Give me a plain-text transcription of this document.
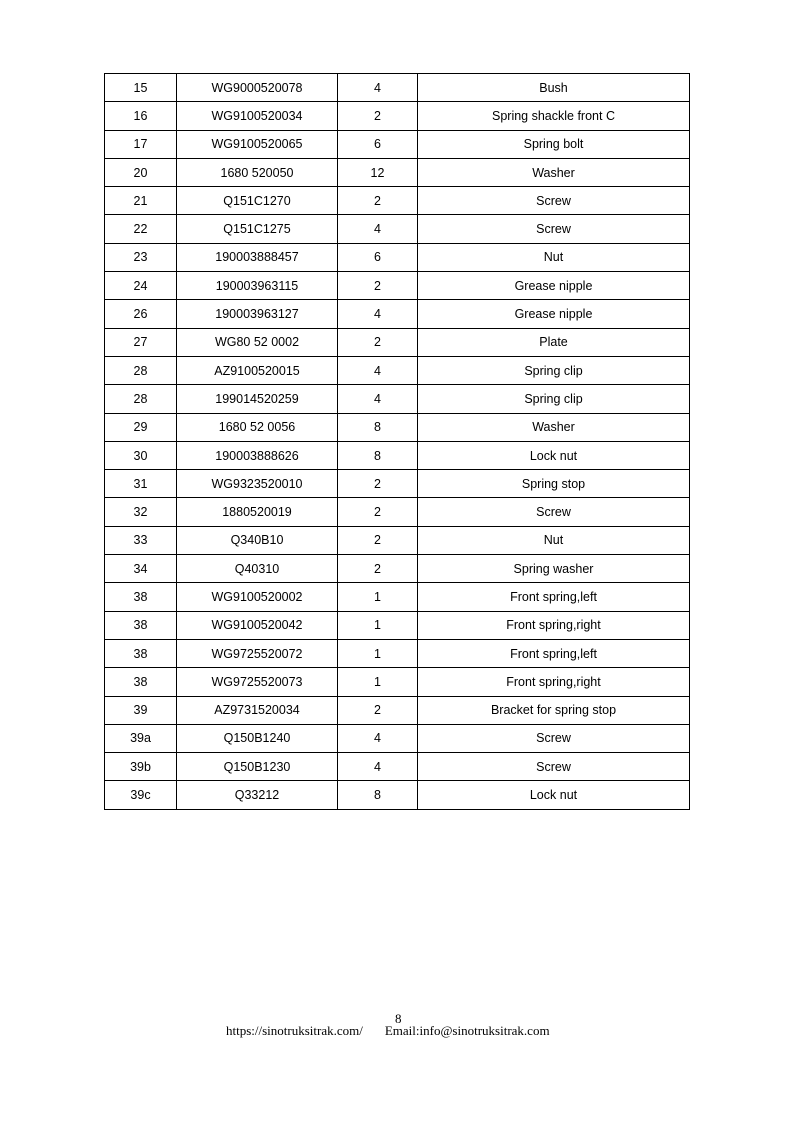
15	WG9000520078	4	Bush
16	WG9100520034	2	Spring shackle front C
17	WG9100520065	6	Spring bolt
20	1680 520050	12	Washer
21	Q151C1270	2	Screw
22	Q151C1275	4	Screw
23	190003888457	6	Nut
24	190003963115	2	Grease nipple
26	190003963127	4	Grease nipple
27	WG80 52 0002	2	Plate
28	AZ9100520015	4	Spring clip
28	199014520259	4	Spring clip
29	1680 52 0056	8	Washer
30	190003888626	8	Lock nut
31	WG9323520010	2	Spring stop
32	1880520019	2	Screw
33	Q340B10	2	Nut
34	Q40310	2	Spring washer
38	WG9100520002	1	Front spring,left
38	WG9100520042	1	Front spring,right
38	WG9725520072	1	Front spring,left
38	WG9725520073	1	Front spring,right
39	AZ9731520034	2	Bracket for spring stop
39a	Q150B1240	4	Screw
39b	Q150B1230	4	Screw
39c	Q33212	8	Lock nut
8
https://sinotruksitrak.com/ Email:info@sinotruksitrak.com
